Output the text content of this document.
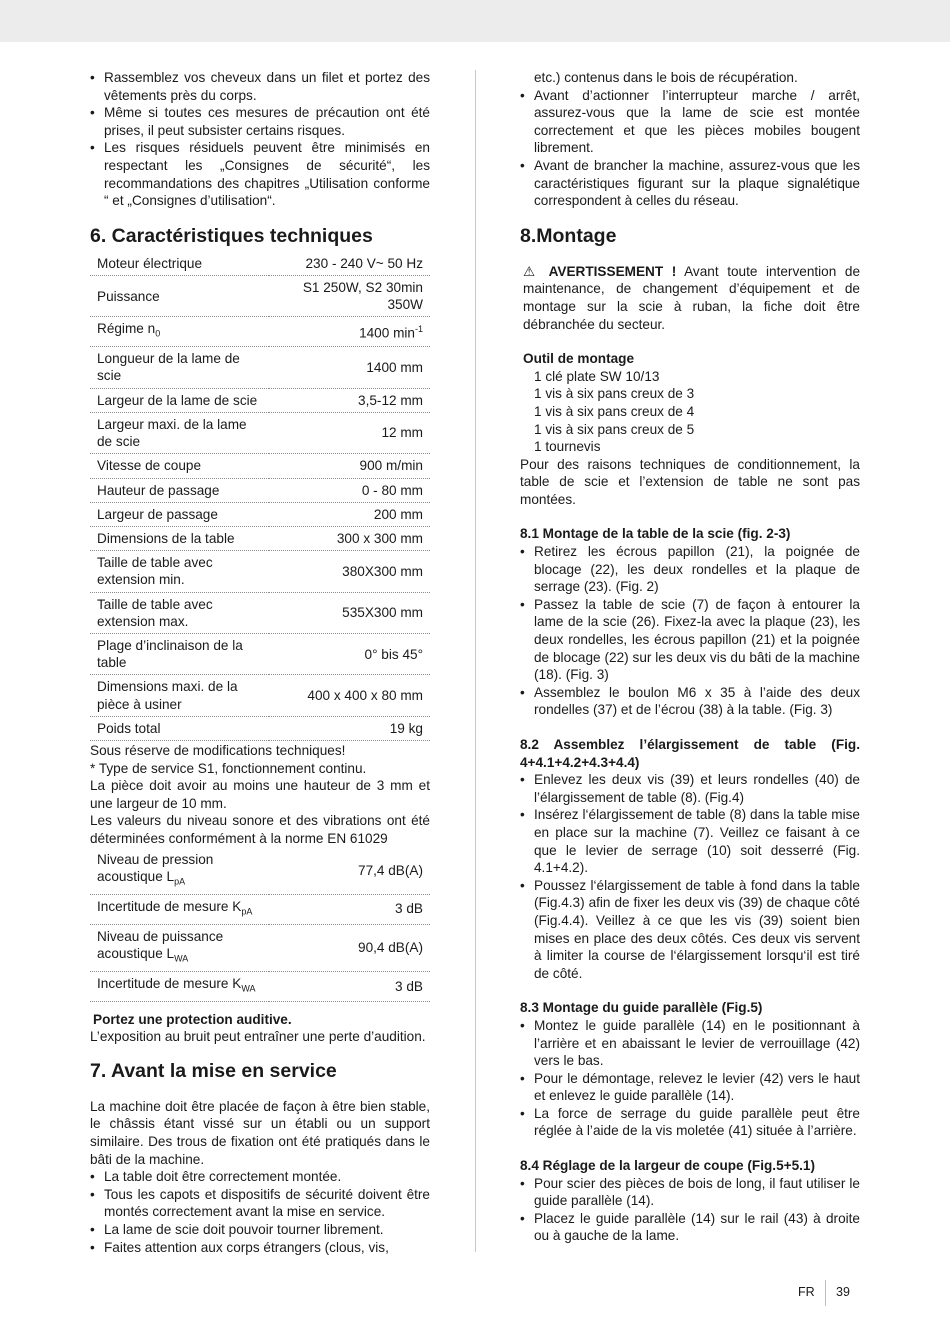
• Rassemblez vos cheveux dans un filet et portez des vêtements près du corps.
• Même si toutes ces mesures de précaution ont été prises, il peut subsister certains risques.
• Les risques résiduels peuvent être minimisés en respectant les „Consignes de sécurité“, les recommandations des chapitres „Utilisation conforme “ et „Consignes d’utilisation“.
6. Caractéristiques techniques
Moteur électrique	230 - 240 V~ 50 Hz
Puissance	S1 250W, S2 30min 350W
Régime $n_0$	1400 $\min^{-1}$
Longueur de la lame de scie	1400 mm
Largeur de la lame de scie	3,5-12 mm
Largeur maxi. de la lame de scie	12 mm
Vitesse de coupe	900 m/min
Hauteur de passage	0 - 80 mm
Largeur de passage	200 mm
Dimensions de la table	300 x 300 mm
Taille de table avec extension min.	380X300 mm
Taille de table avec extension max.	535X300 mm
Plage d’inclinaison de la table	0° bis 45°
Dimensions maxi. de la pièce à usiner	400 x 400 x 80 mm
Poids total	19 kg

Sous réserve de modifications techniques!

* Type de service S1, fonctionnement continu.

La pièce doit avoir au moins une hauteur de 3 mm et une largeur de 10 mm.

Les valeurs du niveau sonore et des vibrations ont été déterminées conformément à la norme EN 61029

Niveau de pression acoustique $L_{pA}$	77,4 dB(A)
Incertitude de mesure $K_{pA}$	3 dB
Niveau de puissance acoustique $L_{WA}$	90,4 dB(A)
Incertitude de mesure $K_{WA}$	3 dB

Portez une protection auditive.

L’exposition au bruit peut entraîner une perte d’audition.

7. Avant la mise en service

La machine doit être placée de façon à être bien stable, le châssis étant vissé sur un établi ou un support similaire. Des trous de fixation ont été pratiqués dans le bâti de la machine.

• La table doit être correctement montée.
• Tous les capots et dispositifs de sécurité doivent être montés correctement avant la mise en service.
• La lame de scie doit pouvoir tourner librement.
• Faites attention aux corps étrangers (clous, vis,

etc.) contenus dans le bois de récupération.

• Avant d’actionner l’interrupteur marche / arrêt, assurez-vous que la lame de scie est montée correctement et que les pièces mobiles bougent librement.
• Avant de brancher la machine, assurez-vous que les caractéristiques figurant sur la plaque signalétique correspondent à celles du réseau.
8.Montage

⚠ AVERTISSEMENT ! Avant toute intervention de maintenance, de changement d’équipement et de montage sur la scie à ruban, la fiche doit être débranchée du secteur.

Outil de montage

1 clé plate SW 10/13
1 vis à six pans creux de 3
1 vis à six pans creux de 4
1 vis à six pans creux de 5
1 tournevis

Pour des raisons techniques de conditionnement, la table de scie et l’extension de table ne sont pas montées.

8.1 Montage de la table de la scie (fig. 2-3)
• Retirez les écrous papillon (21), la poignée de blocage (22), les deux rondelles et la plaque de serrage (23). (Fig. 2)
• Passez la table de scie (7) de façon à entourer la lame de la scie (26). Fixez-la avec la plaque (23), les deux rondelles, les écrous papillon (21) et la poignée de blocage (22) sur les deux vis du bâti de la machine (18). (Fig. 3)
• Assemblez le boulon M6 x 35 à l’aide des deux rondelles (37) et de l’écrou (38) à la table. (Fig. 3)
8.2 Assemblez l’élargissement de table (Fig. 4+4.1+4.2+4.3+4.4)
• Enlevez les deux vis (39) et leurs rondelles (40) de l’élargissement de table (8). (Fig.4)
• Insérez l‘élargissement de table (8) dans la table mise en place sur la machine (7). Veillez ce faisant à ce que le levier de serrage (10) soit desserré (Fig. 4.1+4.2).
• Poussez l‘élargissement de table à fond dans la table (Fig.4.3) afin de fixer les deux vis (39) de chaque côté (Fig.4.4). Veillez à ce que les vis (39) soient bien mises en place des deux côtés. Ces deux vis servent à limiter la course de l‘élargissement lorsqu‘il est tiré de côté.
8.3 Montage du guide parallèle (Fig.5)
• Montez le guide parallèle (14) en le positionnant à l’arrière et en abaissant le levier de verrouillage (42) vers le bas.
• Pour le démontage, relevez le levier (42) vers le haut et enlevez le guide parallèle (14).
• La force de serrage du guide parallèle peut être réglée à l’aide de la vis moletée (41) située à l’arrière.
8.4 Réglage de la largeur de coupe (Fig.5+5.1)
• Pour scier des pièces de bois de long, il faut utiliser le guide parallèle (14).
• Placez le guide parallèle (14) sur le rail (43) à droite ou à gauche de la lame.
FR 39
